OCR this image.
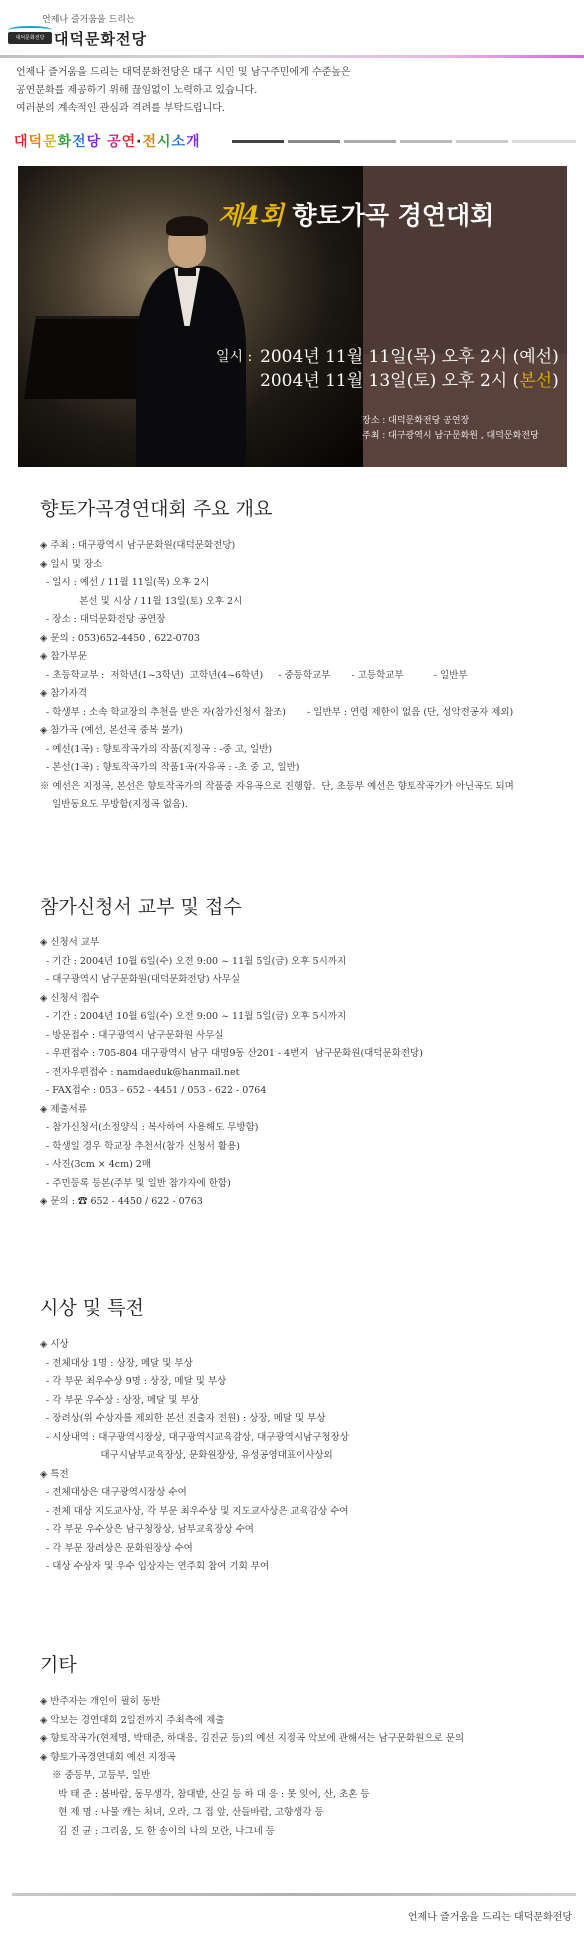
언제나 즐거움을 드리는
대덕문화전당 대덕문화전당
언제나 즐거움을 드리는 대덕문화전당은 대구 시민 및 남구주민에게 수준높은
공연문화를 제공하기 위해 끊임없이 노력하고 있습니다.
여러분의 계속적인 관심과 격려를 부탁드립니다.
대덕문화전당 공연·전시소개
제4회 향토가곡 경연대회
일시 : 2004년 11월 11일(목) 오후 2시 (예선)
2004년 11월 13일(토) 오후 2시 (본선)
장소 : 대덕문화전당 공연장
주최 : 대구광역시 남구문화원 , 대덕문화전당
향토가곡경연대회 주요 개요
◈ 주최 : 대구광역시 남구문화원(대덕문화전당)
◈ 일시 및 장소
- 일시 : 예선 / 11월 11일(목) 오후 2시
본선 및 시상 / 11월 13일(토) 오후 2시
- 장소 : 대덕문화전당 공연장
◈ 문의 : 053)652-4450 , 622-0703
◈ 참가부문
- 초등학교부 :  저학년(1~3학년)  고학년(4~6학년)     - 중등학교부       - 고등학교부          - 일반부
◈ 참가자격
- 학생부 : 소속 학교장의 추천을 받은 자(참가신청서 참조)       - 일반부 : 연령 제한이 없음 (단, 성악전공자 제외)
◈ 참가곡 (예선, 본선곡 중복 불가)
- 예선(1곡) : 향토작곡가의 작품(지정곡 : -중 고, 일반)
- 본선(1곡) : 향토작곡가의 작품1곡(자유곡 : -초 중 고, 일반)
※ 예선은 지정곡, 본선은 향토작곡가의 작품중 자유곡으로 진행함.  단, 초등부 예선은 향토작곡가가 아닌곡도 되며
일반동요도 무방함(지정곡 없음).
참가신청서 교부 및 접수
◈ 신청서 교부
- 기간 : 2004년 10월 6일(수) 오전 9:00 ~ 11월 5일(금) 오후 5시까지
- 대구광역시 남구문화원(대덕문화전당) 사무실
◈ 신청서 접수
- 기간 : 2004년 10월 6일(수) 오전 9:00 ~ 11월 5일(금) 오후 5시까지
- 방문접수 : 대구광역시 남구문화원 사무실
- 우편접수 : 705-804 대구광역시 남구 대명9동 산201 - 4번지  남구문화원(대덕문화전당)
- 전자우편접수 : namdaeduk@hanmail.net
- FAX접수 : 053 - 652 - 4451 / 053 - 622 - 0764
◈ 제출서류
- 참가신청서(소정양식 : 복사하여 사용해도 무방함)
- 학생일 경우 학교장 추천서(참가 신청서 활용)
- 사진(3cm × 4cm) 2매
- 주민등록 등본(주부 및 일반 참가자에 한함)
◈ 문의 : ☎ 652 - 4450 / 622 - 0763
시상 및 특전
◈ 시상
- 전체대상 1명 : 상장, 메달 및 부상
- 각 부문 최우수상 9명 : 상장, 메달 및 부상
- 각 부문 우수상 : 상장, 메달 및 부상
- 장려상(위 수상자를 제외한 본선 진출자 전원) : 상장, 메달 및 부상
- 시상내역 : 대구광역시장상, 대구광역시교육감상, 대구광역시남구청장상
대구시남부교육장상, 문화원장상, 유성공영대표이사상외
◈ 특전
- 전체대상은 대구광역시장상 수여
- 전체 대상 지도교사상, 각 부문 최우수상 및 지도교사상은 교육감상 수여
- 각 부문 우수상은 남구청장상, 남부교육장상 수여
- 각 부문 장려상은 문화원장상 수여
- 대상 수상자 및 우수 입상자는 연주회 참여 기회 부여
기타
◈ 반주자는 개인이 필히 동반
◈ 악보는 경연대회 2일전까지 주최측에 제출
◈ 향토작곡가(현제명, 박태준, 하대응, 김진균 등)의 예선 지정곡 악보에 관해서는 남구문화원으로 문의
◈ 향토가곡경연대회 예선 지정곡
※ 중등부, 고등부, 일반
박 태 준 : 봄바람, 동무생각, 참대밭, 산길 등 하 대 응 : 못 잊어, 산, 초혼 등
현 제 명 : 나물 캐는 처녀, 오라, 그 집 앞, 산들바람, 고향생각 등
김 진 균 : 그리움, 도 한 송이의 나의 모란, 나그네 등
언제나 즐거움을 드리는 대덕문화전당
